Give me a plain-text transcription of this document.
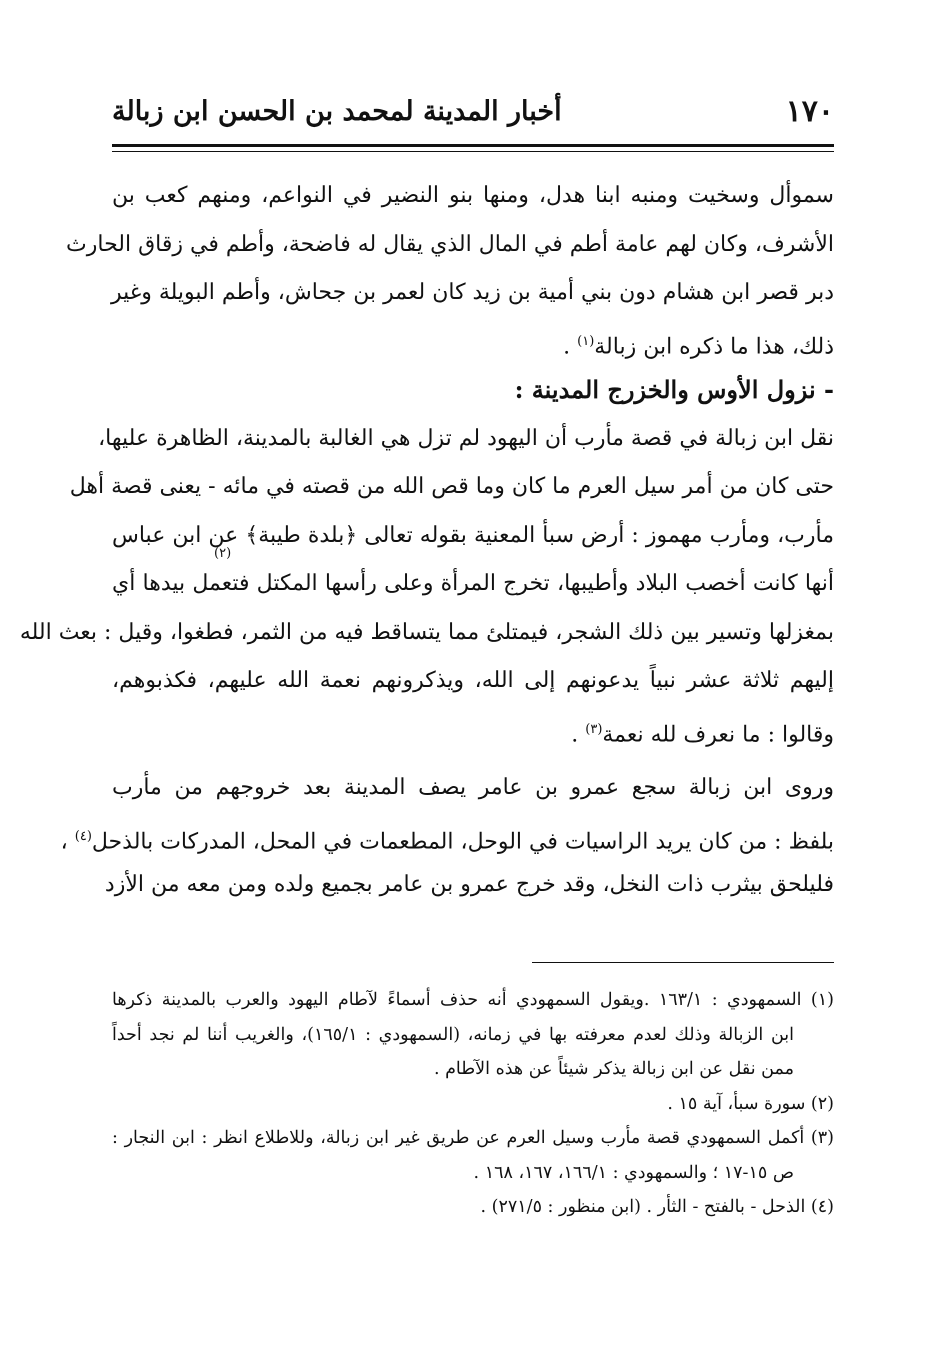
١٧٠
أخبار المدينة لمحمد بن الحسن ابن زبالة
سموأل وسخيت ومنبه ابنا هدل، ومنها بنو النضير في النواعم، ومنهم كعب بن
الأشرف، وكان لهم عامة أطم في المال الذي يقال له فاضحة، وأطم في زقاق الحارث
دبر قصر ابن هشام دون بني أمية بن زيد كان لعمر بن جحاش، وأطم البويلة وغير
ذلك، هذا ما ذكره ابن زبالة$^{(١)}$ .
- نزول الأوس والخزرج المدينة :
نقل ابن زبالة في قصة مأرب أن اليهود لم تزل هي الغالبة بالمدينة، الظاهرة عليها،
حتى كان من أمر سيل العرم ما كان وما قص الله من قصته في مائه - يعنى قصة أهل
مأرب، ومأرب مهموز : أرض سبأ المعنية بقوله تعالى ﴿بلدة طيبة﴾ عن ابن عباس
أنها كانت أخصب البلاد وأطيبها، تخرج المرأة وعلى رأسها المكتل فتعمل بيدها أي
بمغزلها وتسير بين ذلك الشجر، فيمتلئ مما يتساقط فيه من الثمر، فطغوا، وقيل : بعث الله
إليهم ثلاثة عشر نبياً يدعونهم إلى الله، ويذكرونهم نعمة الله عليهم، فكذبوهم،
وقالوا : ما نعرف لله نعمة$^{(٣)}$ .
وروى ابن زبالة سجع عمرو بن عامر يصف المدينة بعد خروجهم من مأرب
بلفظ : من كان يريد الراسيات في الوحل، المطعمات في المحل، المدركات بالذحل$^{(٤)}$ ،
فليلحق بيثرب ذات النخل، وقد خرج عمرو بن عامر بجميع ولده ومن معه من الأزد
(٢)
(١) السمهودي : ١٦٣/١ .ويقول السمهودي أنه حذف أسماءً لآطام اليهود والعرب بالمدينة ذكرها
ابن الزبالة وذلك لعدم معرفته بها في زمانه، (السمهودي : ١٦٥/١)، والغريب أننا لم نجد أحداً
ممن نقل عن ابن زبالة يذكر شيئاً عن هذه الآطام .
(٢) سورة سبأ، آية ١٥ .
(٣) أكمل السمهودي قصة مأرب وسيل العرم عن طريق غير ابن زبالة، وللاطلاع انظر : ابن النجار :
ص ١٥-١٧ ؛ والسمهودي : ١٦٦/١، ١٦٧، ١٦٨ .
(٤) الذحل - بالفتح - الثأر . (ابن منظور : ٢٧١/٥) .
